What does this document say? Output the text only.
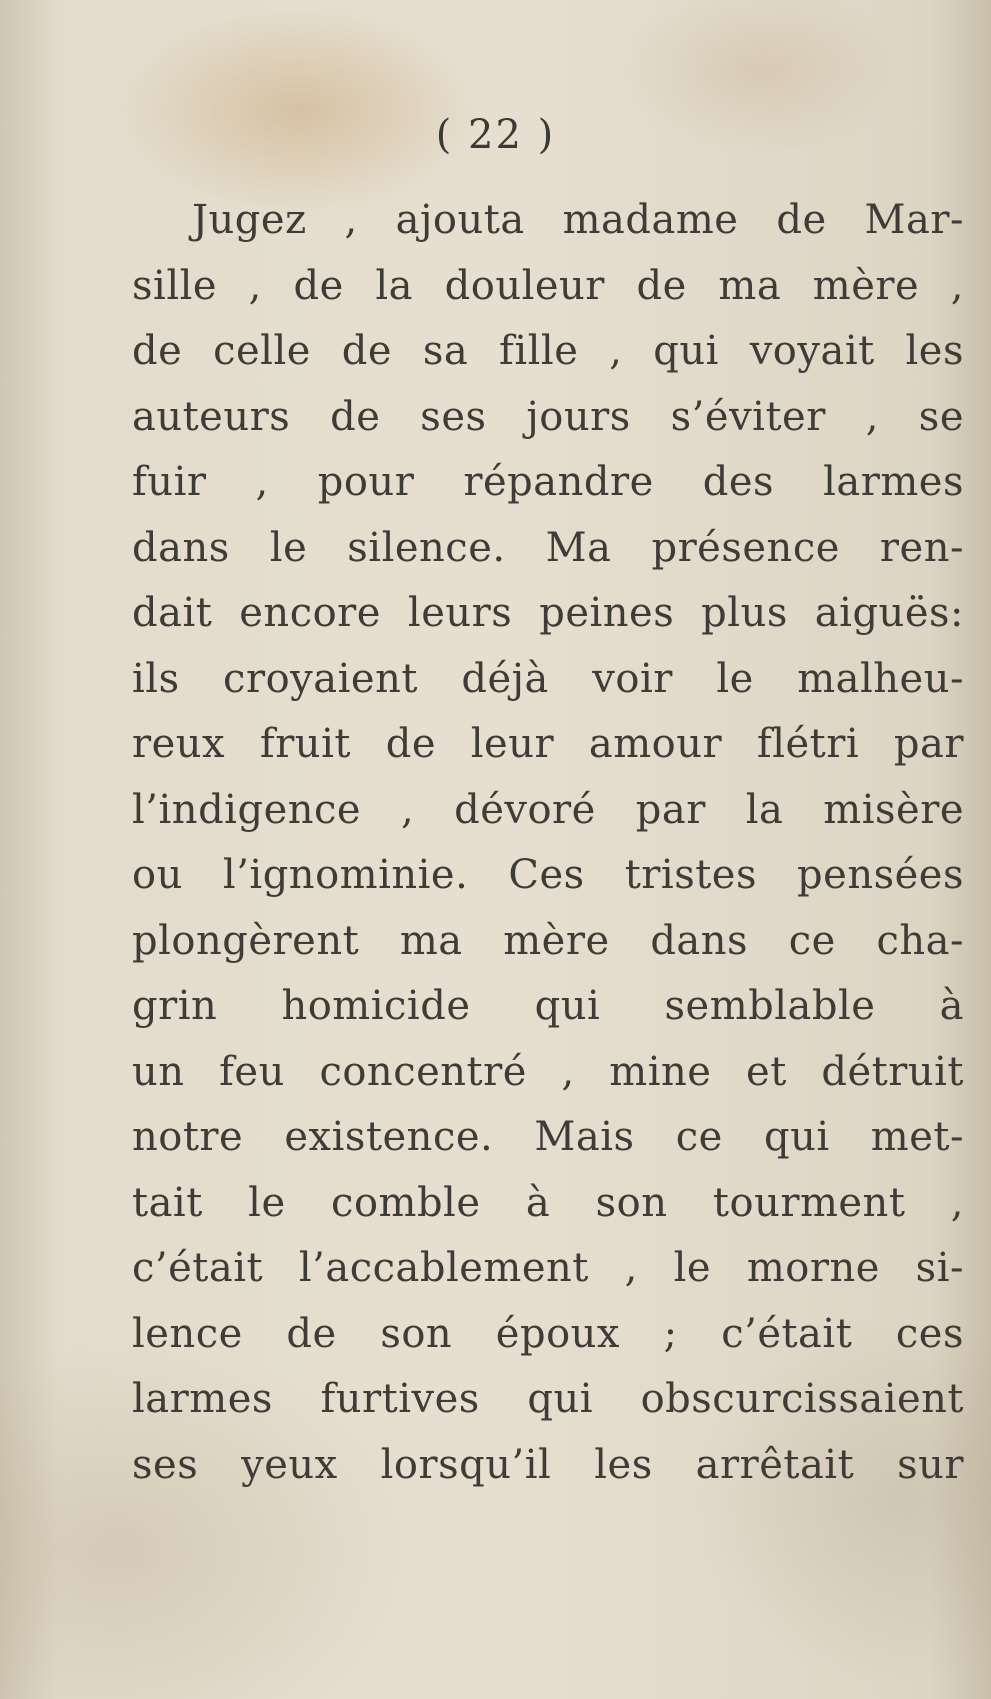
( 22 )
Jugez , ajouta madame de Mar-
sille , de la douleur de ma mère ,
de celle de sa fille , qui voyait les
auteurs de ses jours s’éviter , se
fuir , pour répandre des larmes
dans le silence. Ma présence ren-
dait encore leurs peines plus aiguës:
ils croyaient déjà voir le malheu-
reux fruit de leur amour flétri par
l’indigence , dévoré par la misère
ou l’ignominie. Ces tristes pensées
plongèrent ma mère dans ce cha-
grin homicide qui semblable à
un feu concentré , mine et détruit
notre existence. Mais ce qui met-
tait le comble à son tourment ,
c’était l’accablement , le morne si-
lence de son époux ; c’était ces
larmes furtives qui obscurcissaient
ses yeux lorsqu’il les arrêtait sur
